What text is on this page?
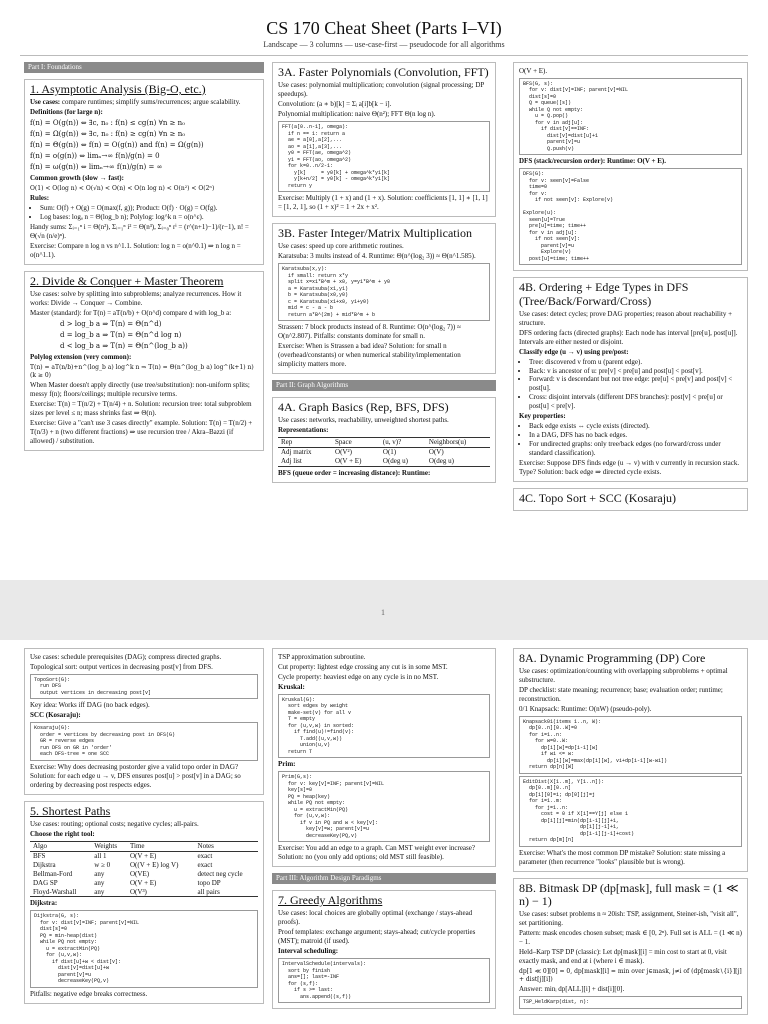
CS 170 Cheat Sheet (Parts I–VI)
Landscape — 3 columns — use-case-first — pseudocode for all algorithms
Part I: Foundations
1. Asymptotic Analysis (Big-O, etc.)

Use cases: compare runtimes; simplify sums/recurrences; argue scalability.

Definitions (for large n):

f(n) = O(g(n)) ⇔ ∃c, n₀ : f(n) ≤ cg(n) ∀n ≥ n₀
f(n) = Ω(g(n)) ⇔ ∃c, n₀ : f(n) ≥ cg(n) ∀n ≥ n₀
f(n) = Θ(g(n)) ⇔ f(n) = O(g(n)) and f(n) = Ω(g(n))
f(n) = o(g(n)) ⇔ limₙ→∞ f(n)/g(n) = 0
f(n) = ω(g(n)) ⇔ limₙ→∞ f(n)/g(n) = ∞

Common growth (slow → fast):

O(1) < O(log n) < O(√n) < O(n) < O(n log n) < O(n²) < O(2ⁿ)

Rules:

• Sum: O(f) + O(g) = O(max(f, g)); Product: O(f) · O(g) = O(fg).
• Log bases: logₐ n = Θ(log_b n); Polylog: log^k n = o(n^ε).

Handy sums: Σᵢ₌₁ⁿ i = Θ(n²), Σᵢ₌₁ⁿ i² = Θ(n³), Σᵢ₌₀ⁿ rⁱ = (r^(n+1)−1)/(r−1), n! = Θ(√n (n/e)ⁿ).

Exercise: Compare n log n vs n^1.1. Solution: log n = o(n^0.1) ⇒ n log n = o(n^1.1).

2. Divide & Conquer + Master Theorem

Use cases: solve by splitting into subproblems; analyze recurrences. How it works: Divide → Conquer → Combine.

Master (standard): for T(n) = aT(n/b) + O(n^d) compare d with log_b a:

d > log_b a ⇒ T(n) = Θ(n^d)
d = log_b a ⇒ T(n) = Θ(n^d log n)
d < log_b a ⇒ T(n) = Θ(n^(log_b a))

Polylog extension (very common):

T(n) = aT(n/b)+n^(log_b a) log^k n ⇒ T(n) = Θ(n^(log_b a) log^(k+1) n) (k ≥ 0)

When Master doesn't apply directly (use tree/substitution): non-uniform splits; messy f(n); floors/ceilings; multiple recursive terms.

Exercise: T(n) = T(n/2) + T(n/4) + n. Solution: recursion tree: total subproblem sizes per level ≤ n; mass shrinks fast ⇒ Θ(n).

Exercise: Give a "can't use 3 cases directly" example. Solution: T(n) = T(n/2) + T(n/3) + n (two different fractions) ⇒ use recursion tree / Akra–Bazzi (if allowed) / substitution.

3A. Faster Polynomials (Convolution, FFT)

Use cases: polynomial multiplication; convolution (signal processing; DP speedups).

Convolution: (a ∗ b)[k] = Σᵢ a[i]b[k − i].

Polynomial multiplication: naive Θ(n²); FFT Θ(n log n).

FFT(a[0..n-1], omega):
if n == 1: return a
ae = a[0],a[2],...
ao = a[1],a[3],...
y0 = FFT(ae, omega^2)
y1 = FFT(ao, omega^2)
for k=0..n/2-1:
y[k]     = y0[k] + omega^k*y1[k]
y[k+n/2] = y0[k] - omega^k*y1[k]
return y

Exercise: Multiply (1 + x) and (1 + x). Solution: coefficients [1, 1] ∗ [1, 1] = [1, 2, 1], so (1 + x)² = 1 + 2x + x².

3B. Faster Integer/Matrix Multiplication

Use cases: speed up core arithmetic routines.

Karatsuba: 3 mults instead of 4. Runtime: Θ(n^(log₂ 3)) ≈ Θ(n^1.585).

Karatsuba(x,y):
if small: return x*y
split x=x1*B^m + x0, y=y1*B^m + y0
a = Karatsuba(x1,y1)
b = Karatsuba(x0,y0)
c = Karatsuba(x1+x0, y1+y0)
mid = c - a - b
return a*B^(2m) + mid*B^m + b

Strassen: 7 block products instead of 8. Runtime: O(n^(log₂ 7)) ≈ O(n^2.807). Pitfalls: constants dominate for small n.

Exercise: When is Strassen a bad idea? Solution: for small n (overhead/constants) or when numerical stability/implementation simplicity matters more.

Part II: Graph Algorithms
4A. Graph Basics (Rep, BFS, DFS)

Use cases: networks, reachability, unweighted shortest paths.

Representations:

Rep	Space	(u, v)?	Neighbors(u)
Adj matrix	O(V²)	O(1)	O(V)
Adj list	O(V + E)	O(deg u)	O(deg u)

BFS (queue order = increasing distance): Runtime:

O(V + E).

BFS(G, s):
for v: dist[v]=INF; parent[v]=NIL
dist[s]=0
Q = queue([s])
while Q not empty:
u = Q.pop()
for v in adj[u]:
if dist[v]==INF:
dist[v]=dist[u]+1
parent[v]=u
Q.push(v)

DFS (stack/recursion order): Runtime: O(V + E).

DFS(G):
for v: seen[v]=False
time=0
for v:
if not seen[v]: Explore(v)

Explore(u):
seen[u]=True
pre[u]=time; time++
for v in adj[u]:
if not seen[v]:
parent[v]=u
Explore(v)
post[u]=time; time++
4B. Ordering + Edge Types in DFS (Tree/Back/Forward/Cross)

Use cases: detect cycles; prove DAG properties; reason about reachability + structure.

DFS ordering facts (directed graphs): Each node has interval [pre[u], post[u]]. Intervals are either nested or disjoint.

Classify edge (u → v) using pre/post:

• Tree: discovered v from u (parent edge).
• Back: v is ancestor of u: pre[v] < pre[u] and post[u] < post[v].
• Forward: v is descendant but not tree edge: pre[u] < pre[v] and post[v] < post[u].
• Cross: disjoint intervals (different DFS branches): post[v] < pre[u] or post[u] < pre[v].

Key properties:

• Back edge exists ⇔ cycle exists (directed).
• In a DAG, DFS has no back edges.
• For undirected graphs: only tree/back edges (no forward/cross under standard classification).

Exercise: Suppose DFS finds edge (u → v) with v currently in recursion stack. Type? Solution: back edge ⇒ directed cycle exists.

4C. Topo Sort + SCC (Kosaraju)
1

Use cases: schedule prerequisites (DAG); compress directed graphs.

Topological sort: output vertices in decreasing post[v] from DFS.

TopoSort(G):
run DFS
output vertices in decreasing post[v]

Key idea: Works iff DAG (no back edges).

SCC (Kosaraju):

Kosaraju(G):
order = vertices by decreasing post in DFS(G)
GR = reverse edges
run DFS on GR in 'order'
each DFS-tree = one SCC

Exercise: Why does decreasing postorder give a valid topo order in DAG? Solution: for each edge u → v, DFS ensures post[u] > post[v] in a DAG; so ordering by decreasing post respects edges.

5. Shortest Paths

Use cases: routing; optional costs; negative cycles; all-pairs.

Choose the right tool:

Algo	Weights	Time	Notes
BFS	all 1	O(V + E)	exact
Dijkstra	w ≥ 0	O((V + E) log V)	exact
Bellman-Ford	any	O(VE)	detect neg cycle
DAG SP	any	O(V + E)	topo DP
Floyd-Warshall	any	O(V³)	all pairs

Dijkstra:

Dijkstra(G, s):
for v: dist[v]=INF; parent[v]=NIL
dist[s]=0
PQ = min-heap(dist)
while PQ not empty:
u = extractMin(PQ)
for (u,v,w):
if dist[u]+w < dist[v]:
dist[v]=dist[u]+w
parent[v]=u
decreaseKey(PQ,v)

Pitfalls: negative edge breaks correctness.

TSP approximation subroutine.

Cut property: lightest edge crossing any cut is in some MST.

Cycle property: heaviest edge on any cycle is in no MST.

Kruskal:

Kruskal(G):
sort edges by weight
make-set(v) for all v
T = empty
for (u,v,w) in sorted:
if find(u)!=find(v):
T.add((u,v,w))
union(u,v)
return T

Prim:

Prim(G,s):
for v: key[v]=INF; parent[v]=NIL
key[s]=0
PQ = heap(key)
while PQ not empty:
u = extractMin(PQ)
for (u,v,w):
if v in PQ and w < key[v]:
key[v]=w; parent[v]=u
decreaseKey(PQ,v)

Exercise: You add an edge to a graph. Can MST weight ever increase? Solution: no (you only add options; old MST still feasible).

Part III: Algorithm Design Paradigms
7. Greedy Algorithms

Use cases: local choices are globally optimal (exchange / stays-ahead proofs).

Proof templates: exchange argument; stays-ahead; cut/cycle properties (MST); matroid (if used).

Interval scheduling:

IntervalSchedule(intervals):
sort by finish
ans=[]; last=-INF
for (s,f):
if s >= last:
ans.append((s,f))
8A. Dynamic Programming (DP) Core

Use cases: optimization/counting with overlapping subproblems + optimal substructure.

DP checklist: state meaning; recurrence; base; evaluation order; runtime; reconstruction.

0/1 Knapsack: Runtime: O(nW) (pseudo-poly).

Knapsack01(items 1..n, W):
dp[0..n][0..W]=0
for i=1..n:
for w=0..W:
dp[i][w]=dp[i-1][w]
if wi <= w:
dp[i][w]=max(dp[i][w], vi+dp[i-1][w-wi])
return dp[n][W]
EditDist(X[1..m], Y[1..n]):
dp[0..m][0..n]
dp[i][0]=i; dp[0][j]=j
for i=1..m:
for j=1..n:
cost = 0 if X[i]==Y[j] else 1
dp[i][j]=min(dp[i-1][j]+1,
dp[i][j-1]+1,
dp[i-1][j-1]+cost)
return dp[m][n]

Exercise: What's the most common DP mistake? Solution: state missing a parameter (then recurrence "looks" plausible but is wrong).

8B. Bitmask DP (dp[mask], full mask = (1 ≪ n) − 1)

Use cases: subset problems n ≈ 20ish: TSP, assignment, Steiner-ish, "visit all", set partitioning.

Pattern: mask encodes chosen subset; mask ∈ [0, 2ⁿ). Full set is ALL = (1 ≪ n) − 1.

Held–Karp TSP DP (classic): Let dp[mask][i] = min cost to start at 0, visit exactly mask, and end at i (where i ∈ mask).

dp[1 ≪ 0][0] = 0, dp[mask][i] = min over j∈mask, j≠i of (dp[mask∖{i}][j] + dist[j][i])

Answer: minᵢ dp[ALL][i] + dist[i][0].

TSP_HeldKarp(dist, n):
